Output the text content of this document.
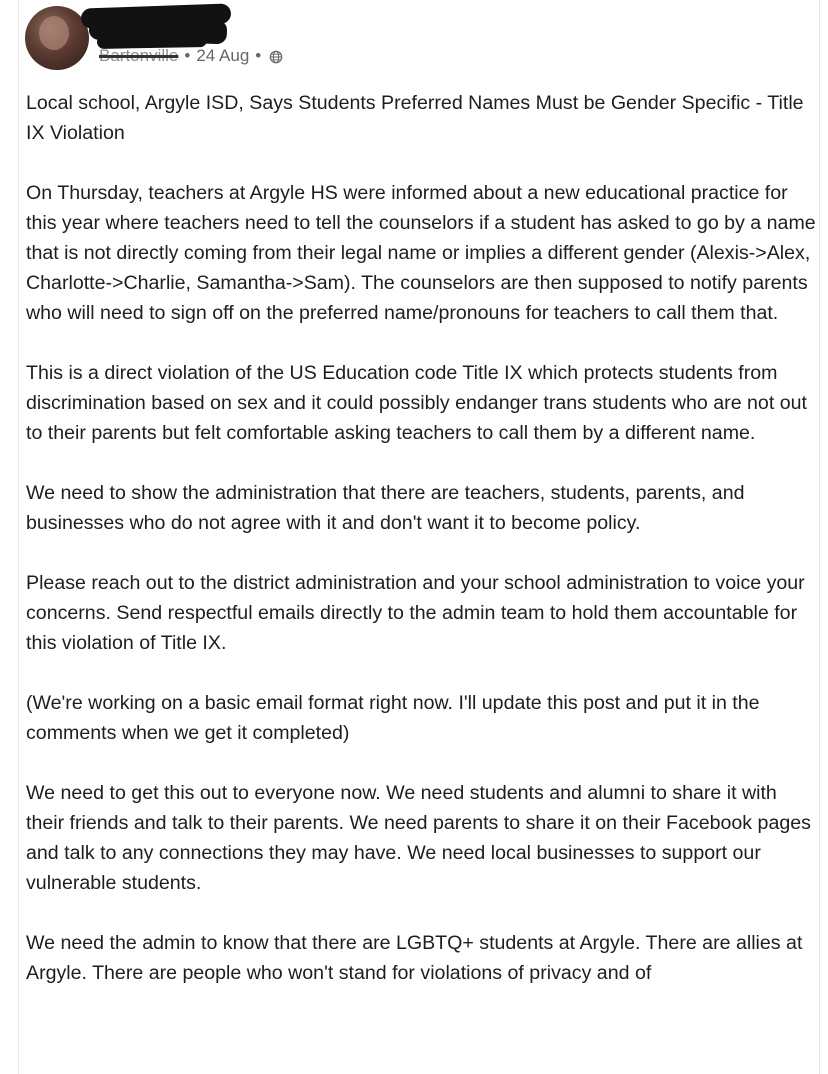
Bartonville • 24 Aug •

Local school, Argyle ISD, Says Students Preferred Names Must be Gender Specific - Title IX Violation

On Thursday, teachers at Argyle HS were informed about a new educational practice for this year where teachers need to tell the counselors if a student has asked to go by a name that is not directly coming from their legal name or implies a different gender (Alexis->Alex, Charlotte->Charlie, Samantha->Sam). The counselors are then supposed to notify parents who will need to sign off on the preferred name/pronouns for teachers to call them that.

This is a direct violation of the US Education code Title IX which protects students from discrimination based on sex and it could possibly endanger trans students who are not out to their parents but felt comfortable asking teachers to call them by a different name.

We need to show the administration that there are teachers, students, parents, and businesses who do not agree with it and don't want it to become policy.

Please reach out to the district administration and your school administration to voice your concerns. Send respectful emails directly to the admin team to hold them accountable for this violation of Title IX.

(We're working on a basic email format right now. I'll update this post and put it in the comments when we get it completed)

We need to get this out to everyone now. We need students and alumni to share it with their friends and talk to their parents. We need parents to share it on their Facebook pages and talk to any connections they may have. We need local businesses to support our vulnerable students.

We need the admin to know that there are LGBTQ+ students at Argyle. There are allies at Argyle. There are people who won't stand for violations of privacy and of
